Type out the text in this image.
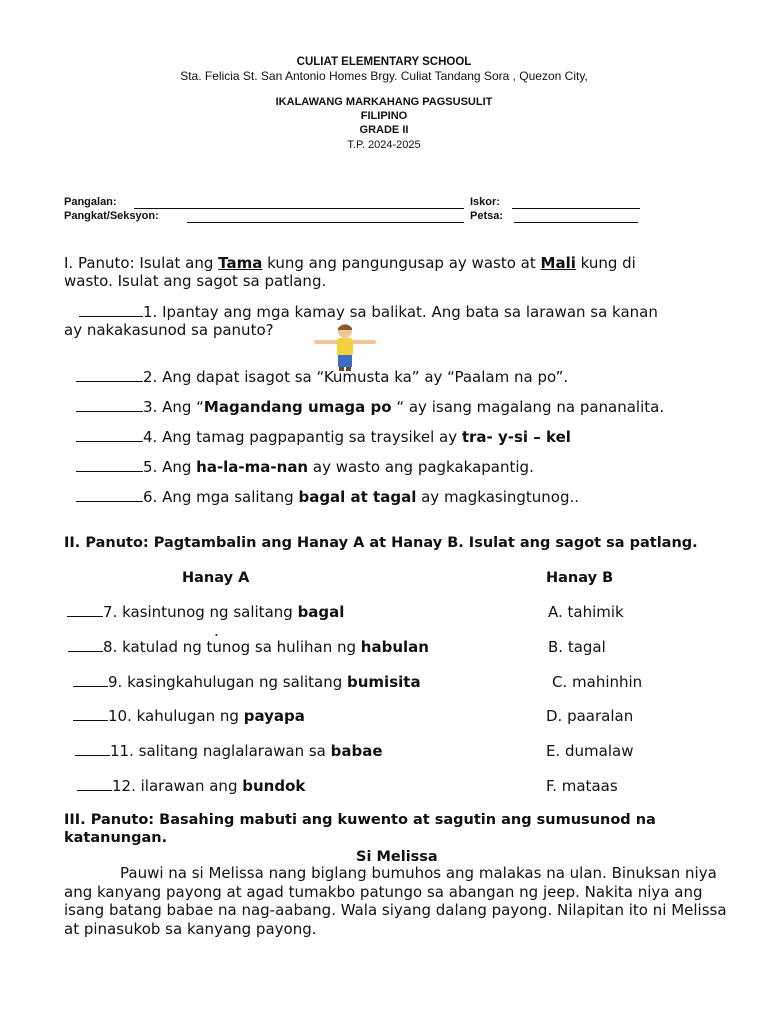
CULIAT ELEMENTARY SCHOOL
Sta. Felicia St. San Antonio Homes Brgy. Culiat Tandang Sora , Quezon City,
IKALAWANG MARKAHANG PAGSUSULIT
FILIPINO
GRADE II
T.P. 2024-2025
Pangalan:	Iskor:
Pangkat/Seksyon:	Petsa:
I. Panuto: Isulat ang Tama kung ang pangungusap ay wasto at Mali kung di
wasto. Isulat ang sagot sa patlang.
1. Ipantay ang mga kamay sa balikat. Ang bata sa larawan sa kanan
ay nakakasunod sa panuto?
2. Ang dapat isagot sa “Kumusta ka” ay “Paalam na po”.
3. Ang “Magandang umaga po “ ay isang magalang na pananalita.
4. Ang tamag pagpapantig sa traysikel ay tra- y-si – kel
5. Ang ha-la-ma-nan ay wasto ang pagkakapantig.
6. Ang mga salitang bagal at tagal ay magkasingtunog..
II. Panuto: Pagtambalin ang Hanay A at Hanay B. Isulat ang sagot sa patlang.
Hanay A	Hanay B
7. kasintunog ng salitang bagal	A. tahimik
.
8. katulad ng tunog sa hulihan ng habulan	B. tagal
9. kasingkahulugan ng salitang bumisita	C. mahinhin
10. kahulugan ng payapa	D. paaralan
11. salitang naglalarawan sa babae	E. dumalaw
12. ilarawan ang bundok	F. mataas
III. Panuto: Basahing mabuti ang kuwento at sagutin ang sumusunod na
katanungan.
Si Melissa
Pauwi na si Melissa nang biglang bumuhos ang malakas na ulan. Binuksan niya ang kanyang payong at agad tumakbo patungo sa abangan ng jeep. Nakita niya ang isang batang babae na nag-aabang. Wala siyang dalang payong. Nilapitan ito ni Melissa at pinasukob sa kanyang payong.
